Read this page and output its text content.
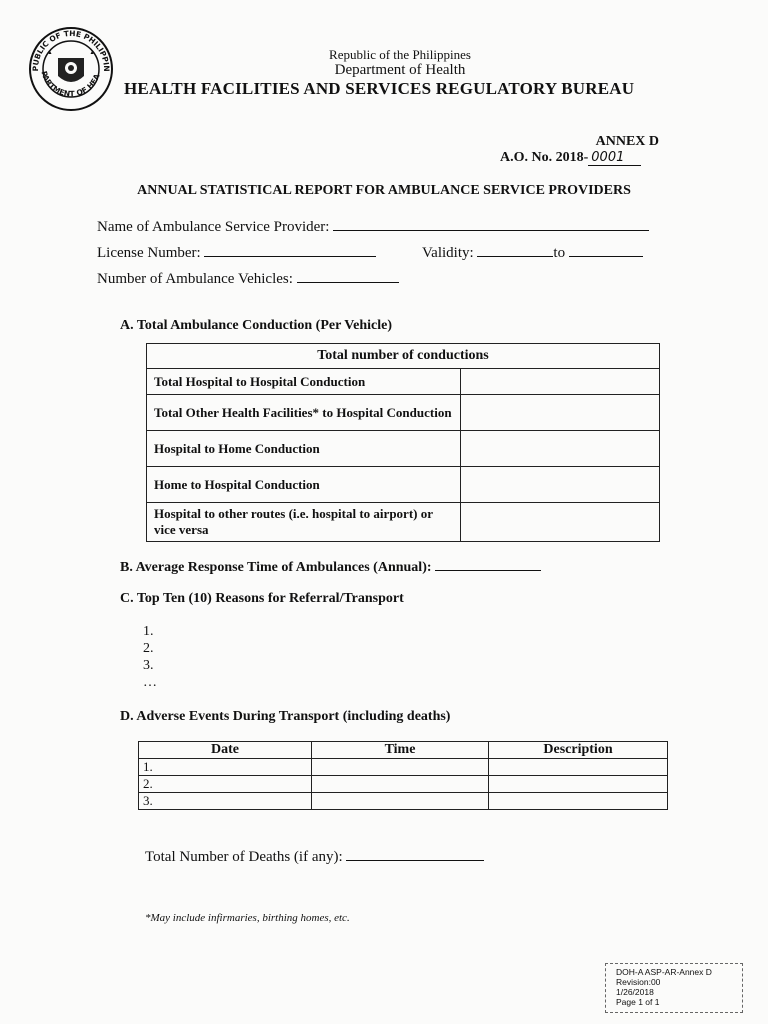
PUBLIC OF THE PHILIPPIN
PARTMENT OF HEA
Republic of the Philippines
Department of Health
HEALTH FACILITIES AND SERVICES REGULATORY BUREAU
ANNEX D
A.O. No. 2018- 0001
ANNUAL STATISTICAL REPORT FOR AMBULANCE SERVICE PROVIDERS
Name of Ambulance Service Provider:
License Number:	Validity:	to
Number of Ambulance Vehicles:
A. Total Ambulance Conduction (Per Vehicle)
Total number of conductions	
Total Hospital to Hospital Conduction	
Total Other Health Facilities* to Hospital Conduction	
Hospital to Home Conduction	
Home to Hospital Conduction	
Hospital to other routes (i.e. hospital to airport) or vice versa	
B. Average Response Time of Ambulances (Annual):
C. Top Ten (10) Reasons for Referral/Transport
1.
2.
3.
…
D. Adverse Events During Transport (including deaths)
Date	Time	Description
1.		
2.		
3.		
Total Number of Deaths (if any):
*May include infirmaries, birthing homes, etc.
DOH-A ASP-AR-Annex D
Revision:00
1/26/2018
Page 1 of 1
